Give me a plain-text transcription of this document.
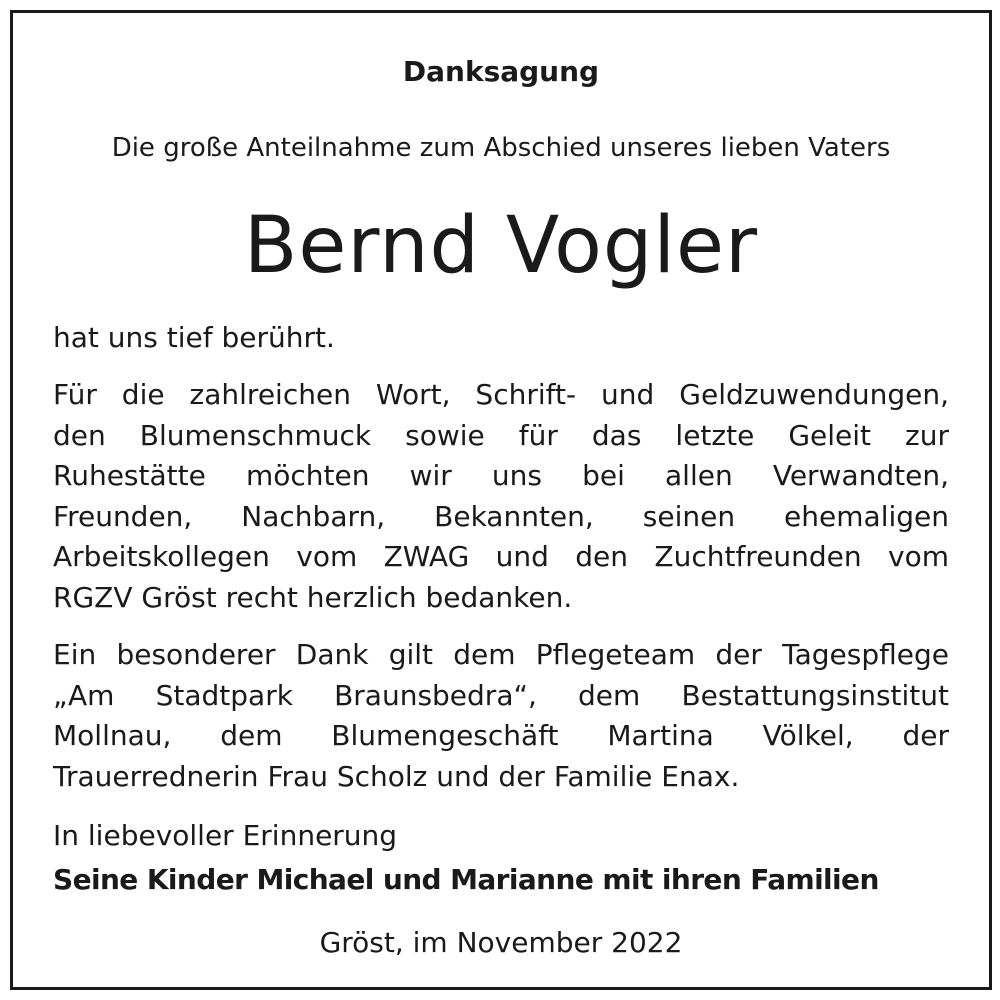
Danksagung
Die große Anteilnahme zum Abschied unseres lieben Vaters
Bernd Vogler
hat uns tief berührt.
Für die zahlreichen Wort, Schrift- und Geldzuwendungen,
den Blumenschmuck sowie für das letzte Geleit zur
Ruhestätte möchten wir uns bei allen Verwandten,
Freunden, Nachbarn, Bekannten, seinen ehemaligen
Arbeitskollegen vom ZWAG und den Zuchtfreunden vom
RGZV Gröst recht herzlich bedanken.
Ein besonderer Dank gilt dem Pflegeteam der Tagespflege
„Am Stadtpark Braunsbedra“, dem Bestattungsinstitut
Mollnau, dem Blumengeschäft Martina Völkel, der
Trauerrednerin Frau Scholz und der Familie Enax.
In liebevoller Erinnerung
Seine Kinder Michael und Marianne mit ihren Familien
Gröst, im November 2022
